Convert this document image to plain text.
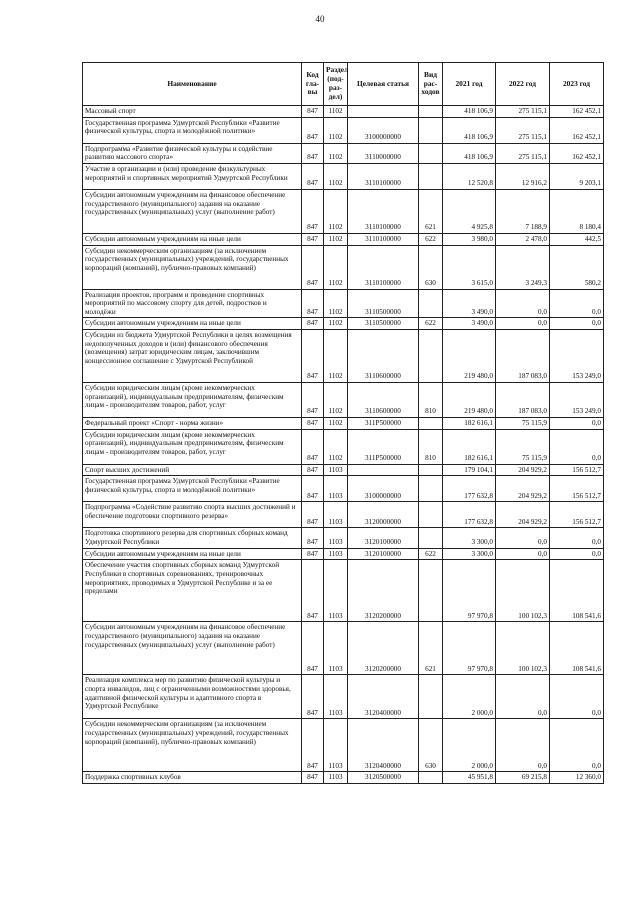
40
Наименование	Код гла-вы	Раздел (под-раз-дел)	Целевая статья	Вид рас-ходов	2021 год	2022 год	2023 год
Массовый спорт	847	1102			418 106,9	275 115,1	162 452,1
Государственная программа Удмуртской Республики «Развитие физической культуры, спорта и молодёжной политики»	847	1102	3100000000		418 106,9	275 115,1	162 452,1
Подпрограмма «Развитие физической культуры и содействие развитию массового спорта»	847	1102	3110000000		418 106,9	275 115,1	162 452,1
Участие в организации и (или) проведение физкультурных мероприятий и спортивных мероприятий Удмуртской Республики	847	1102	3110100000		12 520,8	12 916,2	9 203,1
Субсидии автономным учреждениям на финансовое обеспечение государственного (муниципального) задания на оказание государственных (муниципальных) услуг (выполнение работ)	847	1102	3110100000	621	4 925,8	7 188,9	8 180,4
Субсидии автономным учреждениям на иные цели	847	1102	3110100000	622	3 980,0	2 478,0	442,5
Субсидии некоммерческим организациям (за исключением государственных (муниципальных) учреждений, государственных корпораций (компаний), публично-правовых компаний)	847	1102	3110100000	630	3 615,0	3 249,3	580,2
Реализация проектов, программ и проведение спортивных мероприятий по массовому спорту для детей, подростков и молодёжи	847	1102	3110500000		3 490,0	0,0	0,0
Субсидии автономным учреждениям на иные цели	847	1102	3110500000	622	3 490,0	0,0	0,0
Субсидии из бюджета Удмуртской Республики в целях возмещения недополученных доходов и (или) финансового обеспечения (возмещения) затрат юридическим лицам, заключившим концессионное соглашение с Удмуртской Республикой	847	1102	3110600000		219 480,0	187 083,0	153 249,0
Субсидии юридическим лицам (кроме некоммерческих организаций), индивидуальным предпринимателям, физическим лицам - производителям товаров, работ, услуг	847	1102	3110600000	810	219 480,0	187 083,0	153 249,0
Федеральный проект «Спорт - норма жизни»	847	1102	311P500000		182 616,1	75 115,9	0,0
Субсидии юридическим лицам (кроме некоммерческих организаций), индивидуальным предпринимателям, физическим лицам - производителям товаров, работ, услуг	847	1102	311P500000	810	182 616,1	75 115,9	0,0
Спорт высших достижений	847	1103			179 104,1	204 929,2	156 512,7
Государственная программа Удмуртской Республики «Развитие физической культуры, спорта и молодёжной политики»	847	1103	3100000000		177 632,8	204 929,2	156 512,7
Подпрограмма «Содействие развитию спорта высших достижений и обеспечение подготовки спортивного резерва»	847	1103	3120000000		177 632,8	204 929,2	156 512,7
Подготовка спортивного резерва для спортивных сборных команд Удмуртской Республики	847	1103	3120100000		3 300,0	0,0	0,0
Субсидии автономным учреждениям на иные цели	847	1103	3120100000	622	3 300,0	0,0	0,0
Обеспечение участия спортивных сборных команд Удмуртской Республики в спортивных соревнованиях, тренировочных мероприятиях, проводимых в Удмуртской Республике и за ее пределами	847	1103	3120200000		97 970,8	100 102,3	108 541,6
Субсидии автономным учреждениям на финансовое обеспечение государственного (муниципального) задания на оказание государственных (муниципальных) услуг (выполнение работ)	847	1103	3120200000	621	97 970,8	100 102,3	108 541,6
Реализация комплекса мер по развитию физической культуры и спорта инвалидов, лиц с ограниченными возможностями здоровья, адаптивной физической культуры и адаптивного спорта в Удмуртской Республике	847	1103	3120400000		2 000,0	0,0	0,0
Субсидии некоммерческим организациям (за исключением государственных (муниципальных) учреждений, государственных корпораций (компаний), публично-правовых компаний)	847	1103	3120400000	630	2 000,0	0,0	0,0
Поддержка спортивных клубов	847	1103	3120500000		45 951,8	69 215,8	12 360,0
